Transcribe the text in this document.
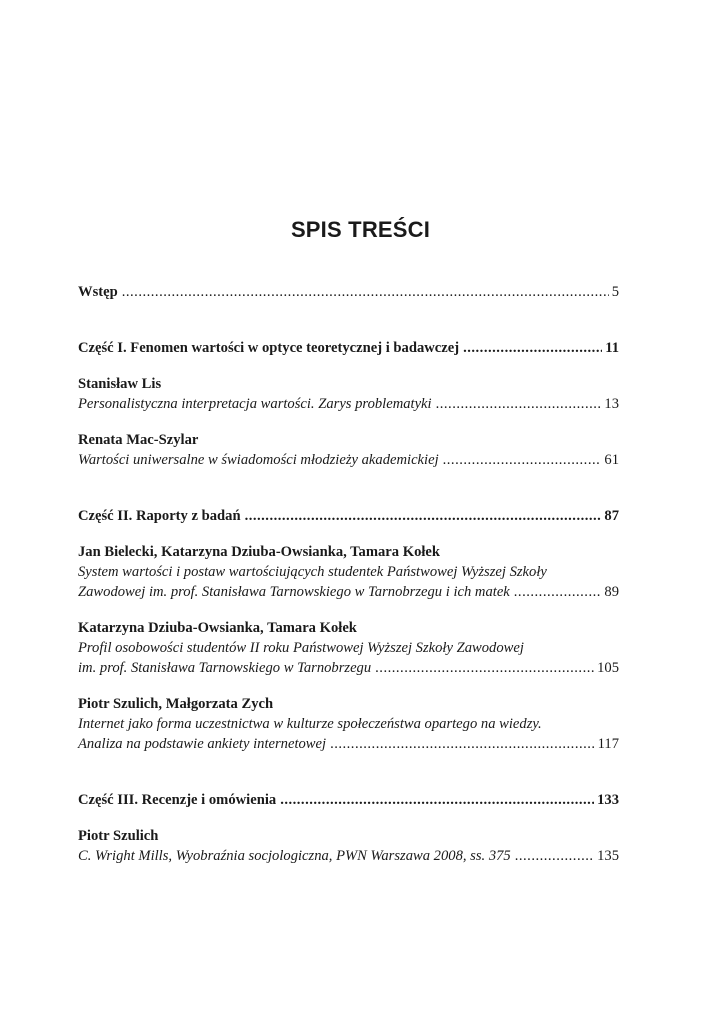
SPIS TREŚCI
Wstęp .....	5
Część I. Fenomen wartości w optyce teoretycznej i badawczej .....	11
Stanisław Lis
Personalistyczna interpretacja wartości. Zarys problematyki .....	13
Renata Mac-Szylar
Wartości uniwersalne w świadomości młodzieży akademickiej .....	61
Część II. Raporty z badań .....	87
Jan Bielecki, Katarzyna Dziuba-Owsianka, Tamara Kołek
System wartości i postaw wartościujących studentek Państwowej Wyższej Szkoły
Zawodowej im. prof. Stanisława Tarnowskiego w Tarnobrzegu i ich matek .....	89
Katarzyna Dziuba-Owsianka, Tamara Kołek
Profil osobowości studentów II roku Państwowej Wyższej Szkoły Zawodowej
im. prof. Stanisława Tarnowskiego w Tarnobrzegu .....	105
Piotr Szulich, Małgorzata Zych
Internet jako forma uczestnictwa w kulturze społeczeństwa opartego na wiedzy.
Analiza na podstawie ankiety internetowej .....	117
Część III. Recenzje i omówienia .....	133
Piotr Szulich
C. Wright Mills, Wyobraźnia socjologiczna, PWN Warszawa 2008, ss. 375 .....	135
